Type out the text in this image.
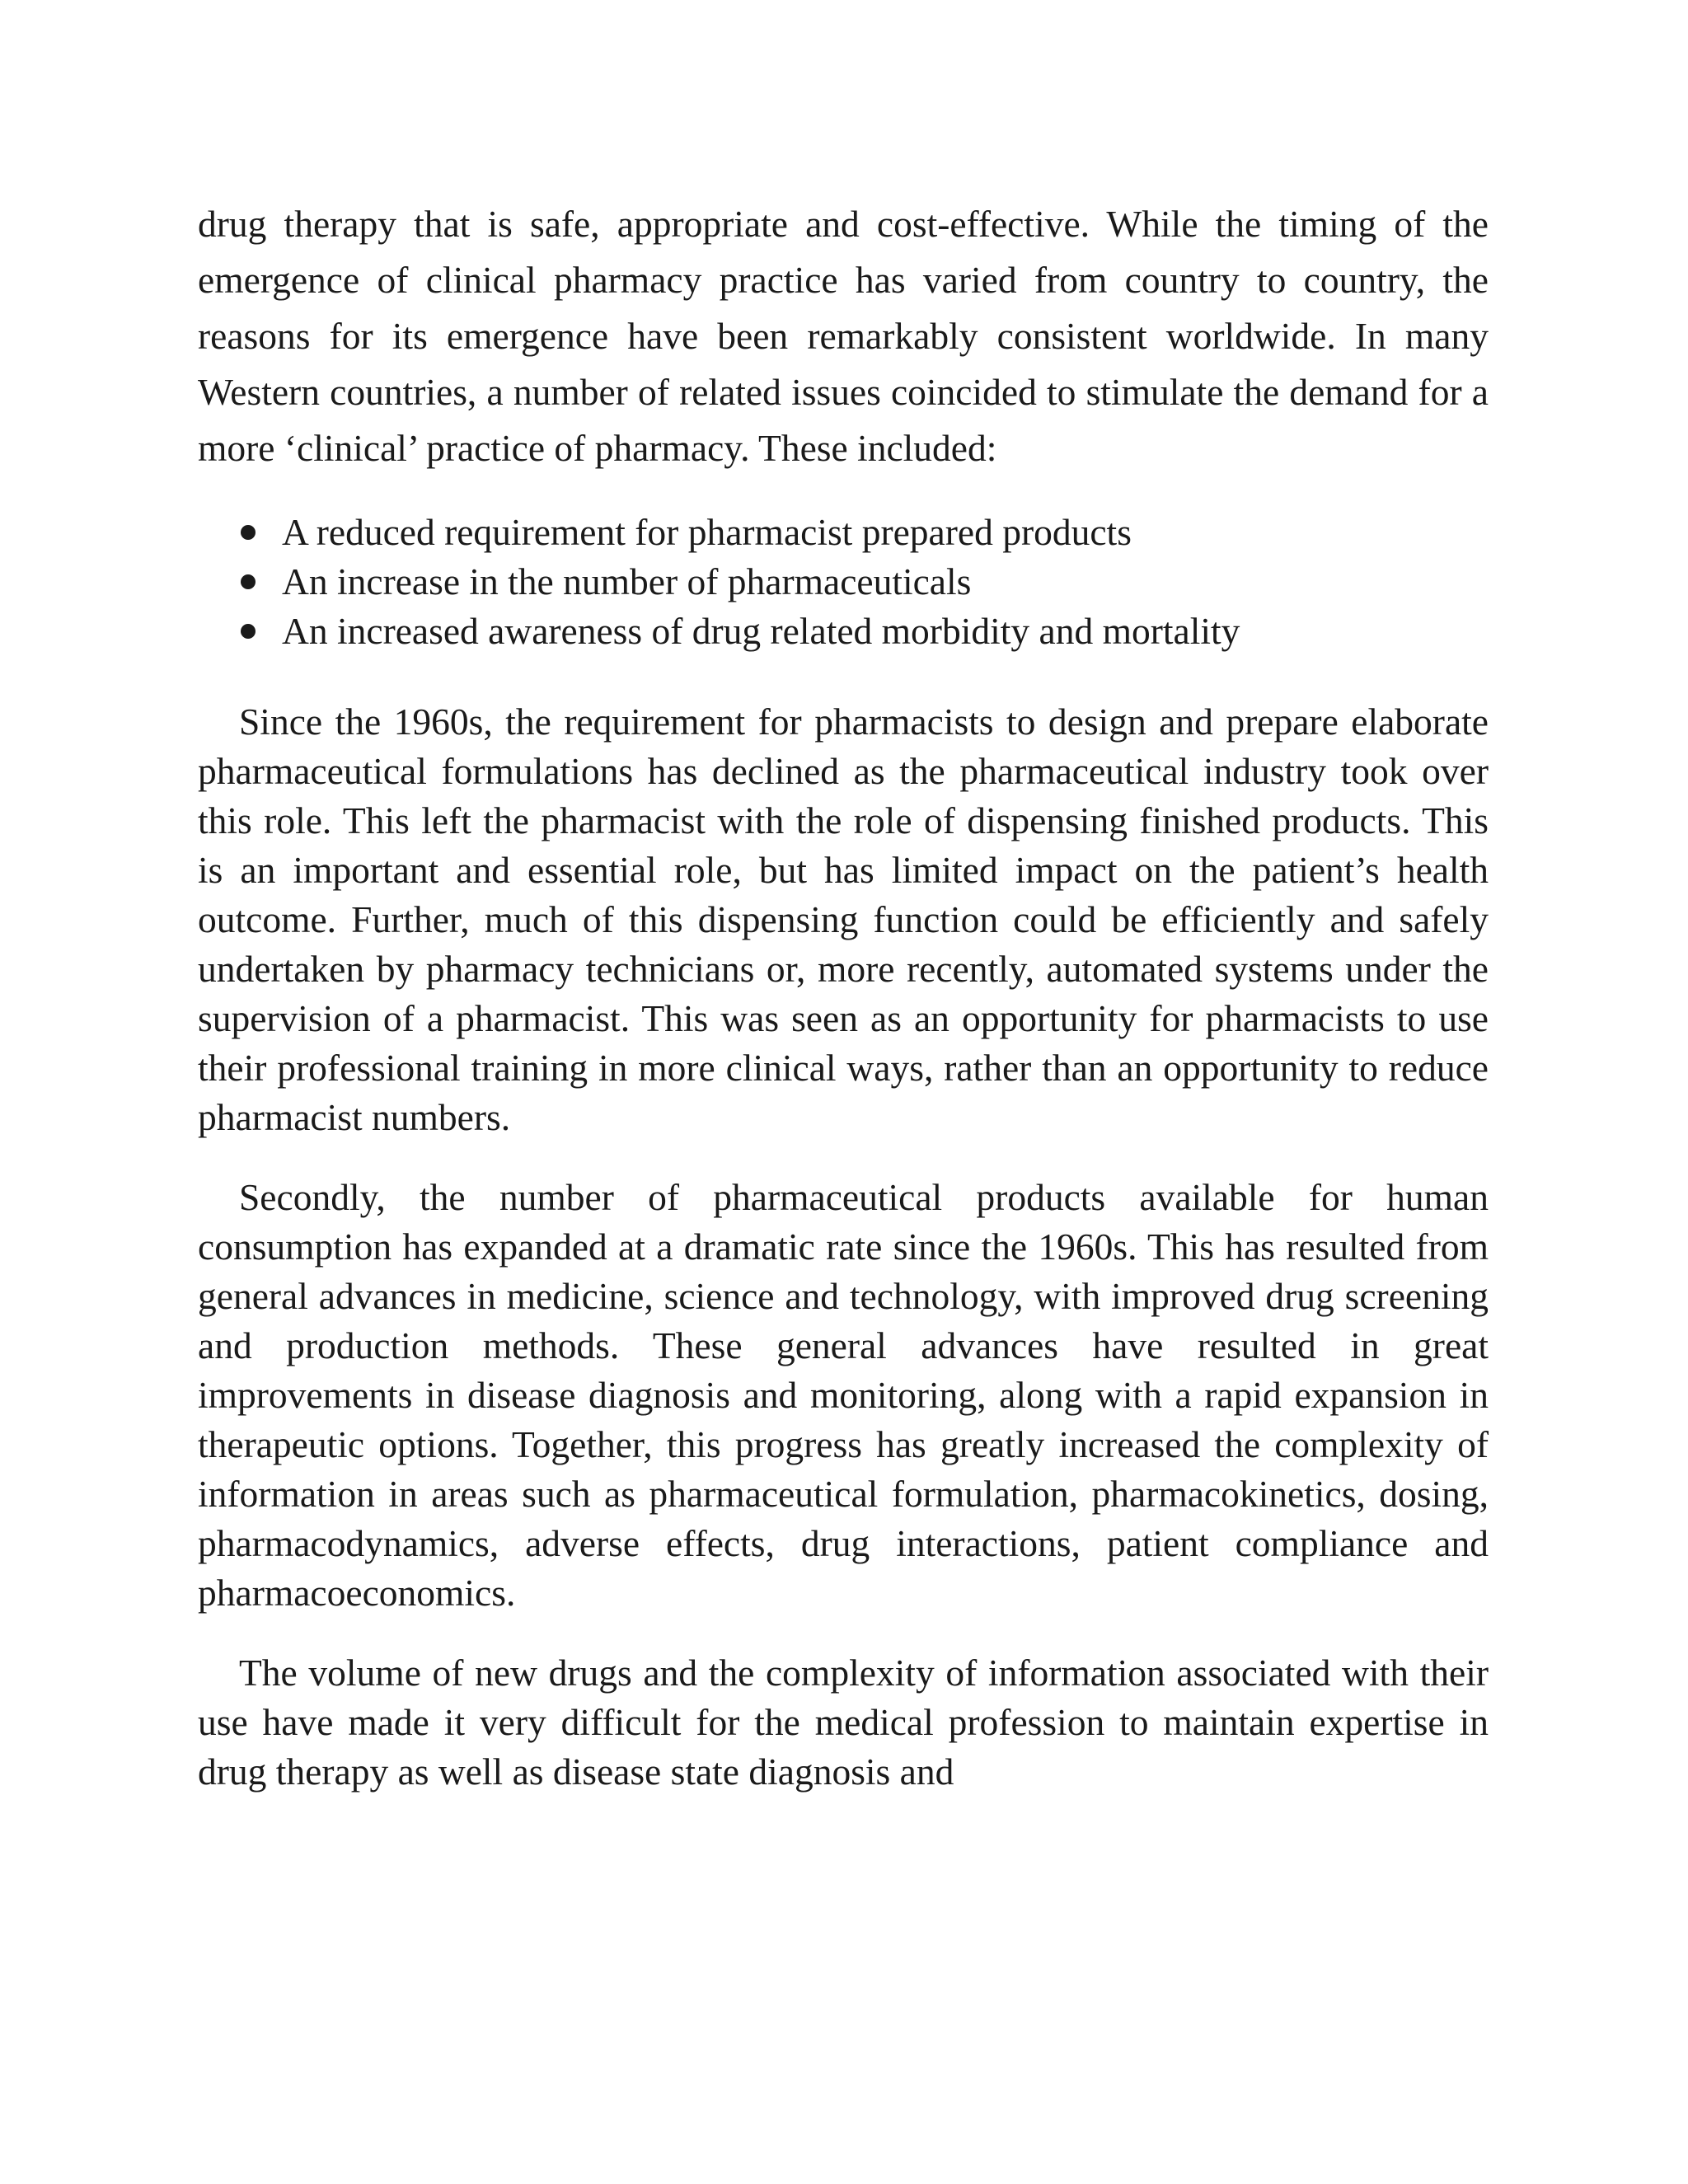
drug therapy that is safe, appropriate and cost-effective. While the timing of the emergence of clinical pharmacy practice has varied from country to country, the reasons for its emergence have been remarkably consistent worldwide. In many Western countries, a number of related issues coincided to stimulate the demand for a more ‘clinical’ practice of pharmacy. These included:

A reduced requirement for pharmacist prepared products
An increase in the number of pharmaceuticals
An increased awareness of drug related morbidity and mortality

Since the 1960s, the requirement for pharmacists to design and prepare elaborate pharmaceutical formulations has declined as the pharmaceutical industry took over this role. This left the pharmacist with the role of dispensing finished products. This is an important and essential role, but has limited impact on the patient’s health outcome. Further, much of this dispensing function could be efficiently and safely undertaken by pharmacy technicians or, more recently, automated systems under the supervision of a pharmacist. This was seen as an opportunity for pharmacists to use their professional training in more clinical ways, rather than an opportunity to reduce pharmacist numbers.

Secondly, the number of pharmaceutical products available for human consumption has expanded at a dramatic rate since the 1960s. This has resulted from general advances in medicine, science and technology, with improved drug screening and production methods. These general advances have resulted in great improvements in disease diagnosis and monitoring, along with a rapid expansion in therapeutic options. Together, this progress has greatly increased the complexity of information in areas such as pharmaceutical formulation, pharmacokinetics, dosing, pharmacodynamics, adverse effects, drug interactions, patient compliance and pharmacoeconomics.

The volume of new drugs and the complexity of information associated with their use have made it very difficult for the medical profession to maintain expertise in drug therapy as well as disease state diagnosis and
